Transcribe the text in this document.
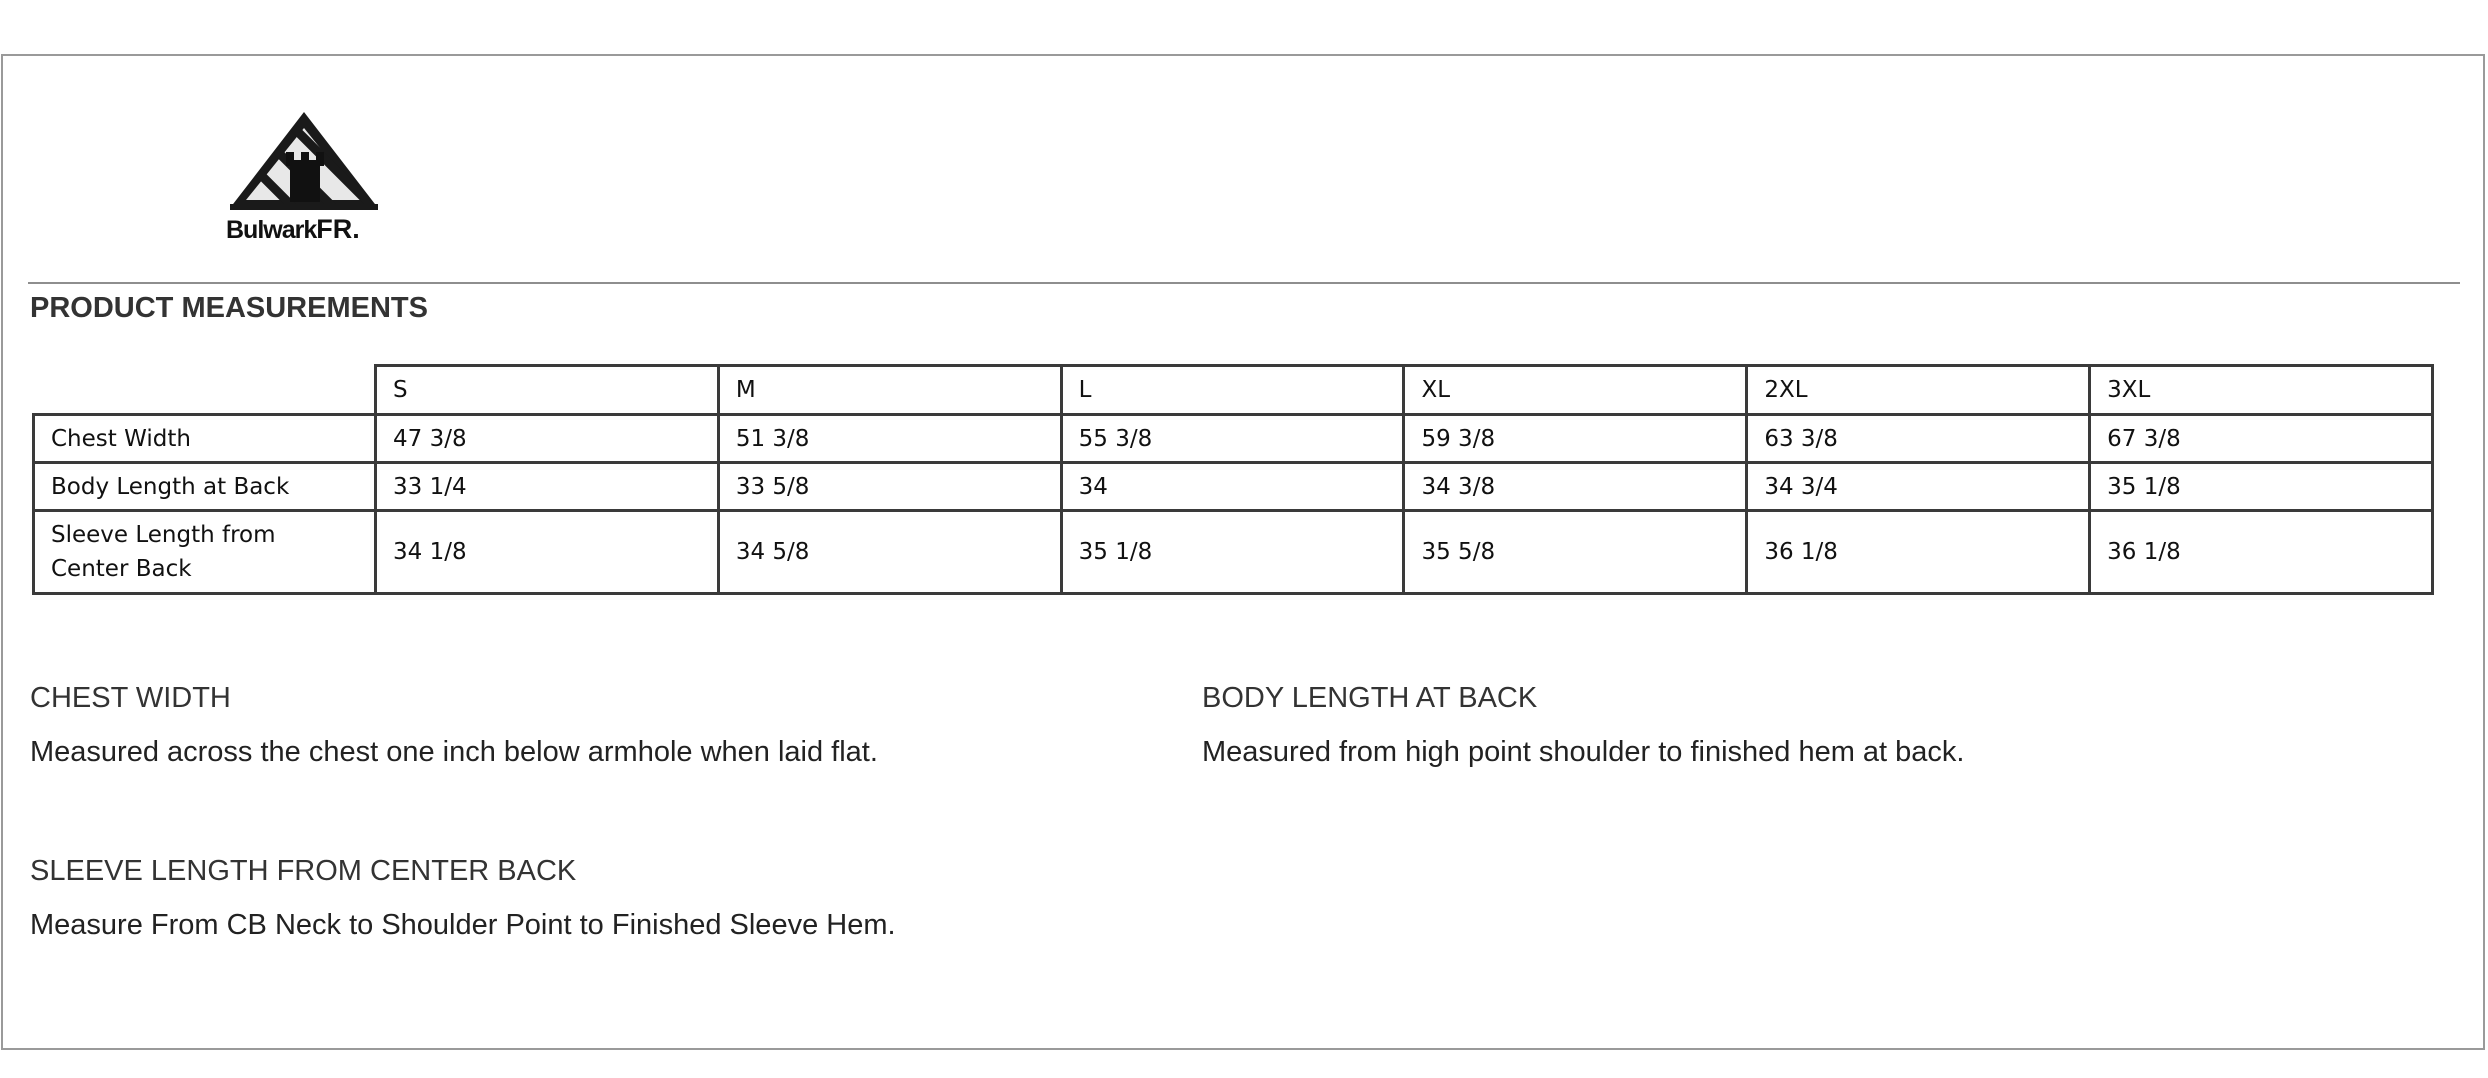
BulwarkFR.
PRODUCT MEASUREMENTS
	S	M	L	XL	2XL	3XL
Chest Width	47 3/8	51 3/8	55 3/8	59 3/8	63 3/8	67 3/8
Body Length at Back	33 1/4	33 5/8	34	34 3/8	34 3/4	35 1/8
Sleeve Length from Center Back	34 1/8	34 5/8	35 1/8	35 5/8	36 1/8	36 1/8
CHEST WIDTH
Measured across the chest one inch below armhole when laid flat.
BODY LENGTH AT BACK
Measured from high point shoulder to finished hem at back.
SLEEVE LENGTH FROM CENTER BACK
Measure From CB Neck to Shoulder Point to Finished Sleeve Hem.
